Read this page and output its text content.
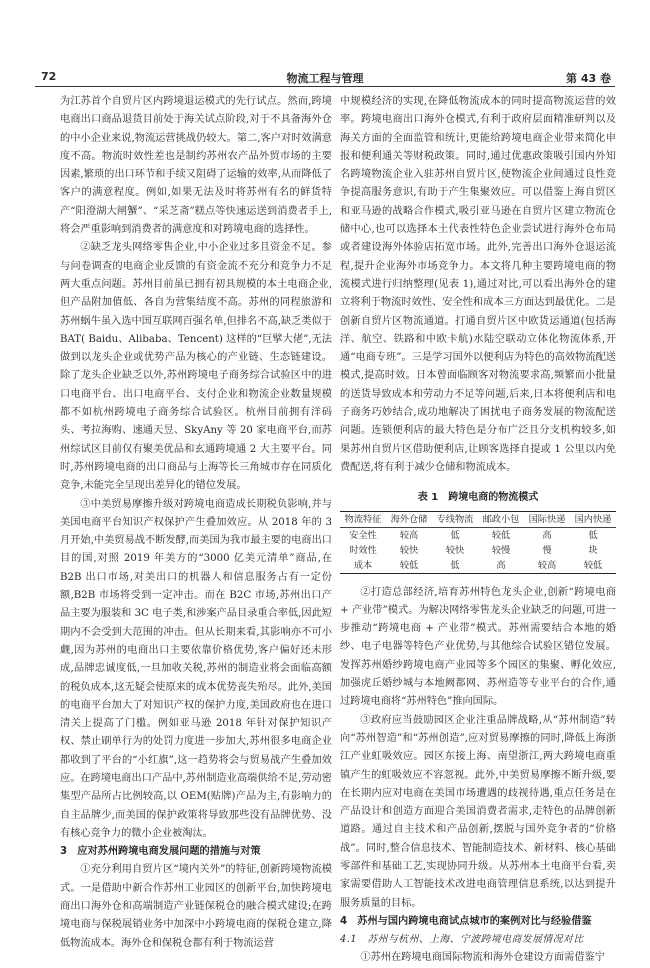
72	物流工程与管理	第 43 卷

为江苏首个自贸片区内跨境退运模式的先行试点。然而,跨境电商出口商品退货目前处于海关试点阶段,对于不具备海外仓的中小企业来说,物流运营挑战仍较大。第二,客户对时效满意度不高。物流时效性差也是制约苏州农产品外贸市场的主要因素,繁琐的出口环节和手续又阻碍了运输的效率,从而降低了客户的满意程度。例如,如果无法及时将苏州有名的鲜货特产“阳澄湖大闸蟹”、“采芝斋”糕点等快速运送到消费者手上,将会严重影响到消费者的满意度和对跨境电商的选择性。

②缺乏龙头网络零售企业,中小企业过多且资金不足。参与问卷调查的电商企业反馈的有资金流不充分和竞争力不足两大重点问题。苏州目前虽已拥有初具规模的本土电商企业,但产品附加值低、各自为营集结度不高。苏州的同程旅游和苏州蜗牛虽入选中国互联网百强名单,但排名不高,缺乏类似于 BAT( Baidu、Alibaba、Tencent) 这样的“巨擘大佬”,无法做到以龙头企业或优势产品为核心的产业链、生态链建设。除了龙头企业缺乏以外,苏州跨境电子商务综合试验区中的进口电商平台、出口电商平台、支付企业和物流企业数量规模都不如杭州跨境电子商务综合试验区。杭州目前拥有洋码头、考拉海购、速通天昱、SkyAny 等 20 家电商平台,而苏州综试区目前仅有聚美优品和玄通跨境通 2 大主要平台。同时,苏州跨境电商的出口商品与上海等长三角城市存在同质化竞争,未能完全呈现出差异化的错位发展。

③中美贸易摩擦升级对跨境电商造成长期税负影响,并与美国电商平台知识产权保护产生叠加效应。从 2018 年的 3 月开始,中美贸易战不断发酵,而美国为我市最主要的电商出口目的国,对照 2019 年美方的“3000 亿美元清单”商品,在 B2B 出口市场,对美出口的机器人和信息服务占有一定份额,B2B 市场将受到一定冲击。而在 B2C 市场,苏州出口产品主要为服装和 3C 电子类,和涉案产品目录重合率低,因此短期内不会受到大范围的冲击。但从长期来看,其影响亦不可小觑,因为苏州的电商出口主要依靠价格优势,客户偏好还未形成,品牌忠诚度低,一旦加收关税,苏州的制造业将会面临高额的税负成本,这无疑会使原来的成本优势丧失殆尽。此外,美国的电商平台加大了对知识产权的保护力度,美国政府也在进口清关上提高了门槛。例如亚马逊 2018 年针对保护知识产权、禁止刷单行为的处罚力度进一步加大,苏州很多电商企业都收到了平台的“小红旗”,这一趋势将会与贸易战产生叠加效应。在跨境电商出口产品中,苏州制造业高端供给不足,劳动密集型产品所占比例较高,以 OEM(贴牌)产品为主,有影响力的自主品牌少,而美国的保护政策将导致那些没有品牌优势、没有核心竞争力的微小企业被淘汰。

3　应对苏州跨境电商发展问题的措施与对策

①充分利用自贸片区“境内关外”的特征,创新跨境物流模式。一是借助中新合作苏州工业园区的创新平台,加快跨境电商出口海外仓和高端制造产业链保税仓的融合模式建设;在跨境电商与保税展销业务中加深中小跨境电商的保税仓建立,降低物流成本。海外仓和保税仓都有利于物流运营

中规模经济的实现,在降低物流成本的同时提高物流运营的效率。跨境电商出口海外仓模式,有利于政府层面精准研判以及海关方面的全面监管和统计,更能给跨境电商企业带来简化申报和便利通关等财税政策。同时,通过优惠政策吸引国内外知名跨境物流企业入驻苏州自贸片区,使物流企业间通过良性竞争提高服务意识,有助于产生集聚效应。可以借鉴上海自贸区和亚马逊的战略合作模式,吸引亚马逊在自贸片区建立物流仓储中心,也可以选择本土代表性特色企业尝试进行海外仓布局或者建设海外体验店拓宽市场。此外,完善出口海外仓退运流程,提升企业海外市场竞争力。本文将几种主要跨境电商的物流模式进行归纳整理(见表 1),通过对比,可以看出海外仓的建立将利于物流时效性、安全性和成本三方面达到最优化。二是创新自贸片区物流通道。打通自贸片区中欧货运通道(包括海洋、航空、铁路和中欧卡航)水陆空联动立体化物流体系,开通“电商专班”。三是学习国外以便利店为特色的高效物流配送模式,提高时效。日本曾面临顾客对物流要求高,频繁而小批量的送货导致成本和劳动力不足等问题,后来,日本将便利店和电子商务巧妙结合,成功地解决了困扰电子商务发展的物流配送问题。连锁便利店的最大特色是分布广泛且分支机构较多,如果苏州自贸片区借助便利店,让顾客选择自提或 1 公里以内免费配送,将有利于减少仓储和物流成本。

表 1　跨境电商的物流模式
物流特征	海外仓储	专线物流	邮政小包	国际快递	国内快递
安全性	较高	低	较低	高	低
时效性	较快	较快	较慢	慢	块
成本	较低	低	高	较高	较低

②打造总部经济,培育苏州特色龙头企业,创新“跨境电商 + 产业带”模式。为解决网络零售龙头企业缺乏的问题,可进一步推动“跨境电商 + 产业带”模式。苏州需要结合本地的婚纱、电子电器等特色产业优势,与其他综合试验区错位发展。发挥苏州婚纱跨境电商产业园等多个园区的集聚、孵化效应,加强虎丘婚纱城与本地阙都网、苏州造等专业平台的合作,通过跨境电商将“苏州特色”推向国际。

③政府应当鼓励园区企业注重品牌战略,从“苏州制造”转向“苏州智造”和“苏州创造”,应对贸易摩擦的同时,降低上海浙江产业虹吸效应。园区东接上海、南望浙江,两大跨境电商重镇产生的虹吸效应不容忽视。此外,中美贸易摩擦不断升级,要在长期内应对电商在美国市场遭遇的歧视待遇,重点任务是在产品设计和创造方面迎合美国消费者需求,走特色的品牌创新道路。通过自主技术和产品创新,摆脱与国外竞争者的“价格战”。同时,整合信息技术、智能制造技术、新材料、核心基础零部件和基础工艺,实现协同升级。从苏州本土电商平台看,卖家需要借助人工智能技术改进电商管理信息系统,以达到提升服务质量的目标。

4　苏州与国内跨境电商试点城市的案例对比与经验借鉴

4.1　苏州与杭州、上海、宁波跨境电商发展情况对比

①苏州在跨境电商国际物流和海外仓建设方面需借鉴宁
